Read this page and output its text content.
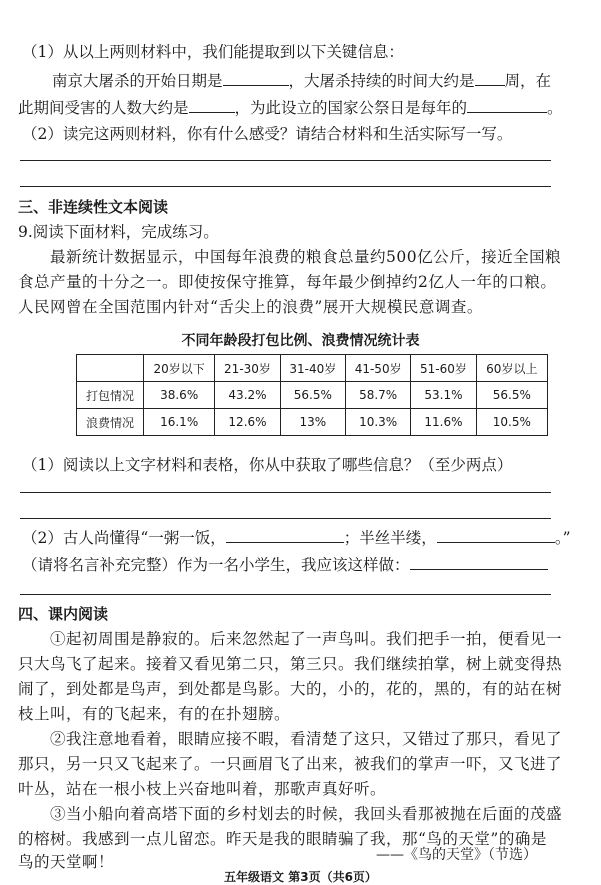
（1）从以上两则材料中，我们能提取到以下关键信息：
南京大屠杀的开始日期是	，大屠杀持续的时间大约是 周，在
此期间受害的人数大约是	，为此设立的国家公祭日是每年的	。
（2）读完这两则材料，你有什么感受？请结合材料和生活实际写一写。
三、非连续性文本阅读
9.阅读下面材料，完成练习。
最新统计数据显示，中国每年浪费的粮食总量约500亿公斤，接近全国粮
食总产量的十分之一。即使按保守推算，每年最少倒掉约2亿人一年的口粮。
人民网曾在全国范围内针对“舌尖上的浪费”展开大规模民意调查。
不同年龄段打包比例、浪费情况统计表
	20岁以下	21-30岁	31-40岁	41-50岁	51-60岁	60岁以上
打包情况	38.6%	43.2%	56.5%	58.7%	53.1%	56.5%
浪费情况	16.1%	12.6%	13%	10.3%	11.6%	10.5%
（1）阅读以上文字材料和表格，你从中获取了哪些信息？（至少两点）
（2）古人尚懂得“一粥一饭，	；半丝半缕，	。”
（请将名言补充完整）作为一名小学生，我应该这样做：
四、课内阅读
①起初周围是静寂的。后来忽然起了一声鸟叫。我们把手一拍，便看见一
只大鸟飞了起来。接着又看见第二只，第三只。我们继续拍掌，树上就变得热
闹了，到处都是鸟声，到处都是鸟影。大的，小的，花的，黑的，有的站在树
枝上叫，有的飞起来，有的在扑翅膀。
②我注意地看着，眼睛应接不暇，看清楚了这只，又错过了那只，看见了
那只，另一只又飞起来了。一只画眉飞了出来，被我们的掌声一吓，又飞进了
叶丛，站在一根小枝上兴奋地叫着，那歌声真好听。
③当小船向着高塔下面的乡村划去的时候，我回头看那被抛在后面的茂盛
的榕树。我感到一点儿留恋。昨天是我的眼睛骗了我，那“鸟的天堂”的确是
鸟的天堂啊！	——《鸟的天堂》（节选）
五年级语文 第3页（共6页）
